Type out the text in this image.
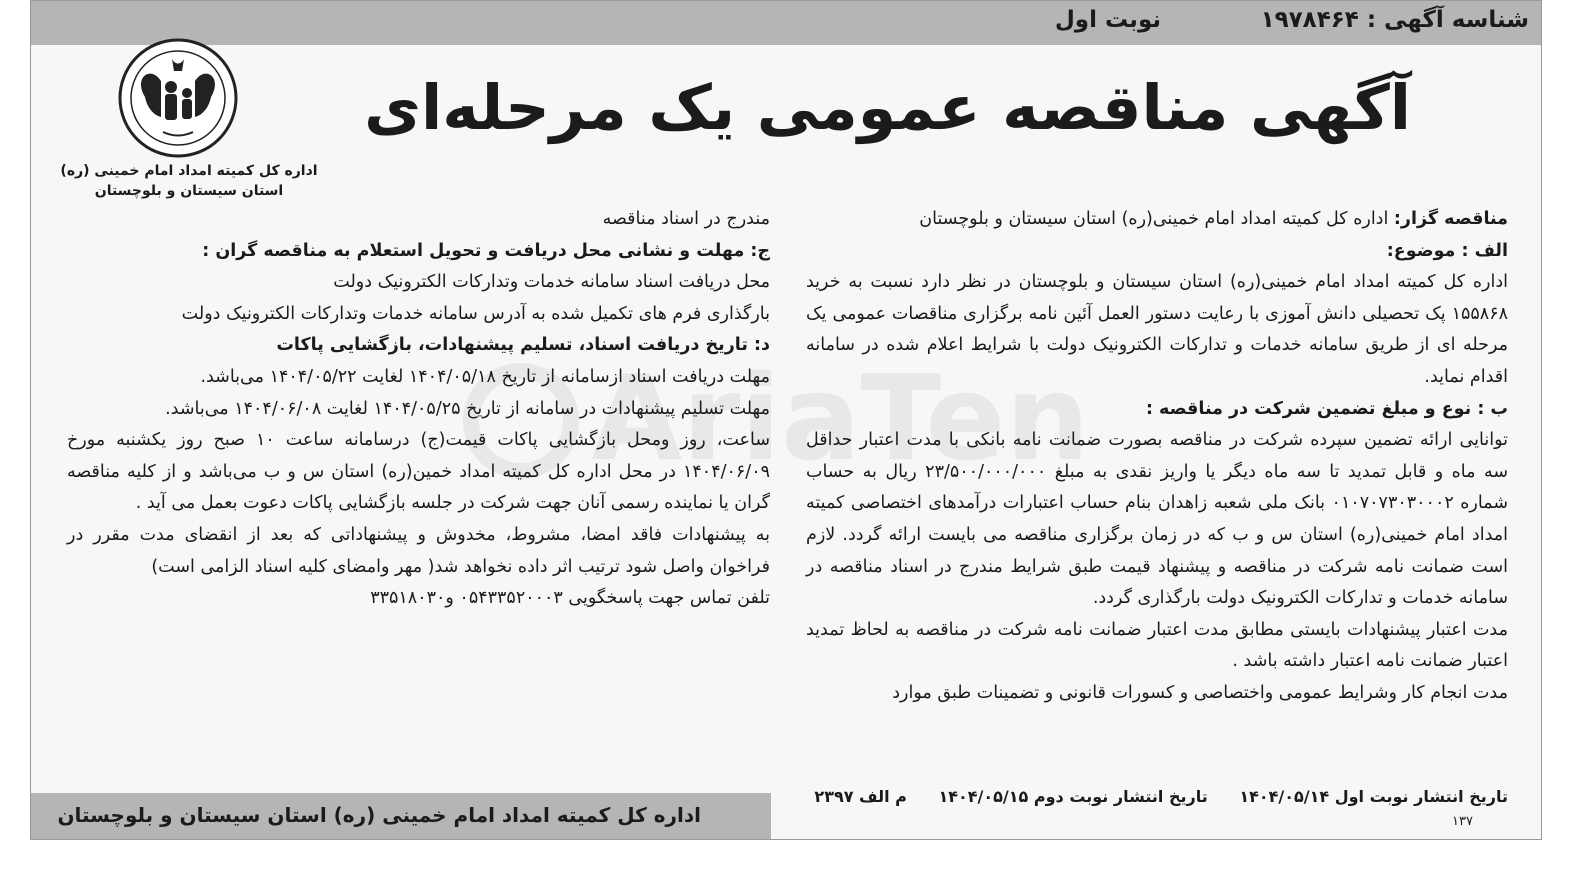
شناسه آگهی : ۱۹۷۸۴۶۴
نوبت اول
اداره کل کمیته امداد امام خمینی (ره)
استان سیستان و بلوچستان
آگهی مناقصه عمومی یک مرحله‌ای
AriaTen

مناقصه گزار: اداره کل کمیته امداد امام خمینی(ره) استان سیستان و بلوچستان

الف : موضوع:

اداره کل کمیته امداد امام خمینی(ره) استان سیستان و بلوچستان در نظر دارد نسبت به خرید ۱۵۵۸۶۸ پک تحصیلی دانش آموزی با رعایت دستور العمل آئین نامه برگزاری مناقصات عمومی یک مرحله ای از طریق سامانه خدمات و تدارکات الکترونیک دولت با شرایط اعلام شده در سامانه اقدام نماید.

ب : نوع و مبلغ تضمین شرکت در مناقصه :

توانایی ارائه تضمین سپرده شرکت در مناقصه بصورت ضمانت نامه بانکی با مدت اعتبار حداقل سه ماه و قابل تمدید تا سه ماه دیگر یا واریز نقدی به مبلغ ۲۳/۵۰۰/۰۰۰/۰۰۰ ریال به حساب شماره ۰۱۰۷۰۷۳۰۳۰۰۰۲ بانک ملی شعبه زاهدان بنام حساب اعتبارات درآمدهای اختصاصی کمیته امداد امام خمینی(ره) استان س و ب که در زمان برگزاری مناقصه می بایست ارائه گردد. لازم است ضمانت نامه شرکت در مناقصه و پیشنهاد قیمت طبق شرایط مندرج در اسناد مناقصه در سامانه خدمات و تدارکات الکترونیک دولت بارگذاری گردد.

مدت اعتبار پیشنهادات بایستی مطابق مدت اعتبار ضمانت نامه شرکت در مناقصه به لحاظ تمدید اعتبار ضمانت نامه اعتبار داشته باشد .

مدت انجام کار وشرایط عمومی واختصاصی و کسورات قانونی و تضمینات طبق موارد

مندرج در اسناد مناقصه

ج: مهلت و نشانی محل دریافت و تحویل استعلام به مناقصه گران :

محل دریافت اسناد سامانه خدمات وتدارکات الکترونیک دولت

بارگذاری فرم های تکمیل شده به آدرس سامانه خدمات وتدارکات الکترونیک دولت

د: تاریخ دریافت اسناد، تسلیم پیشنهادات، بازگشایی پاکات

مهلت دریافت اسناد ازسامانه از تاریخ ۱۴۰۴/۰۵/۱۸ لغایت ۱۴۰۴/۰۵/۲۲ می‌باشد.

مهلت تسلیم پیشنهادات در سامانه از تاریخ ۱۴۰۴/۰۵/۲۵ لغایت ۱۴۰۴/۰۶/۰۸ می‌باشد.

ساعت، روز ومحل بازگشایی پاکات قیمت(ج) درسامانه ساعت ۱۰ صبح روز یکشنبه مورخ ۱۴۰۴/۰۶/۰۹ در محل اداره کل کمیته امداد خمین(ره) استان س و ب می‌باشد و از کلیه مناقصه گران یا نماینده رسمی آنان جهت شرکت در جلسه بازگشایی پاکات دعوت بعمل می آید .

به پیشنهادات فاقد امضا، مشروط، مخدوش و پیشنهاداتی که بعد از انقضای مدت مقرر در فراخوان واصل شود ترتیب اثر داده نخواهد شد( مهر وامضای کلیه اسناد الزامی است)

تلفن تماس جهت پاسخگویی ۰۵۴۳۳۵۲۰۰۰۳ و۳۳۵۱۸۰۳۰

تاریخ انتشار نوبت اول ۱۴۰۴/۰۵/۱۴ تاریخ انتشار نوبت دوم ۱۴۰۴/۰۵/۱۵ م الف ۲۳۹۷
اداره کل کمیته امداد امام خمینی (ره) استان سیستان و بلوچستان	۱۳۷
